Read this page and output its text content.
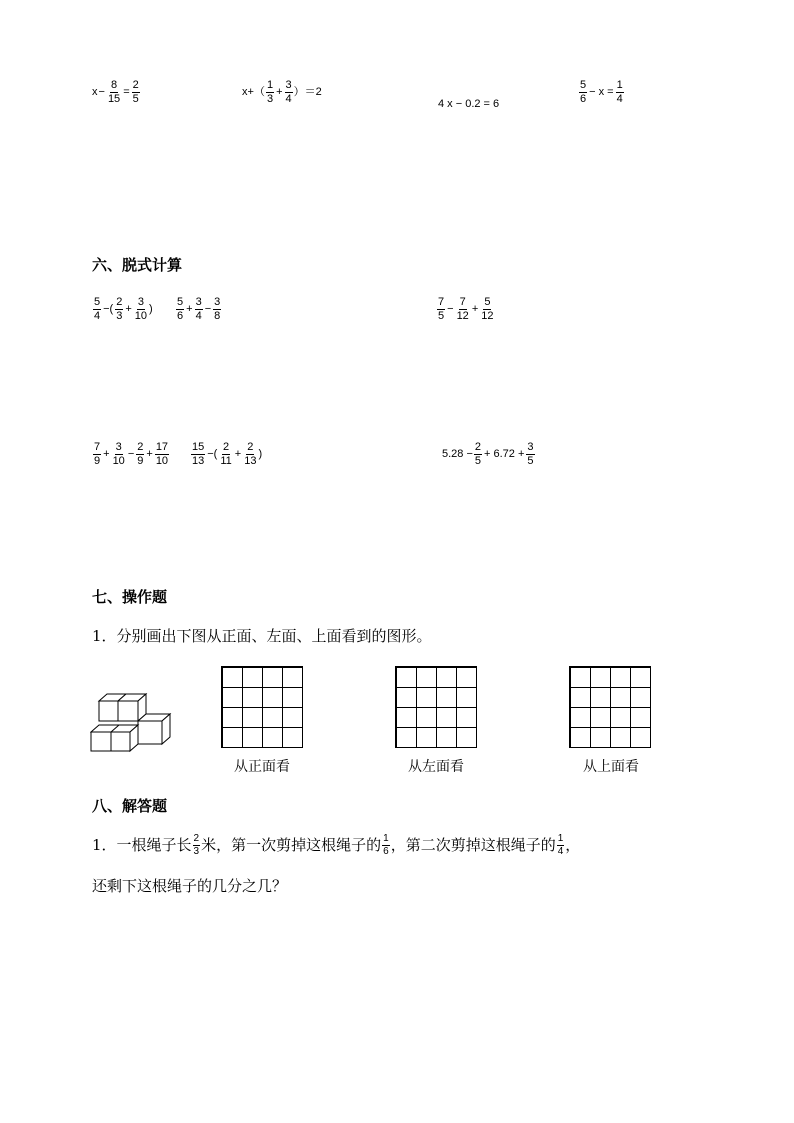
$x - \frac{8}{15} = \frac{2}{5}$	x+ （ $\frac{1}{3} + \frac{3}{4}$ ） ＝2
4 x − 0.2 = 6	$\frac{5}{6} - x = \frac{1}{4}$
六、脱式计算
$\frac{5}{4}$ −( $\frac{2}{3} + \frac{3}{10}$ ) $\frac{5}{6} + \frac{3}{4} - \frac{3}{8}$	$\frac{7}{5} - \frac{7}{12} + \frac{5}{12}$
$\frac{7}{9} + \frac{3}{10} - \frac{2}{9} + \frac{17}{10} \frac{15}{13}$ −( $\frac{2}{11} + \frac{2}{13}$ )	$5.28 - \frac{2}{5} + 6.72 + \frac{3}{5}$
七、操作题
1．分别画出下图从正面、左面、上面看到的图形。
从正面看	从左面看	从上面看
八、解答题
1．一根绳子长 $\frac{2}{3}$ 米，第一次剪掉这根绳子的 $\frac{1}{6}$ ，第二次剪掉这根绳子的 $\frac{1}{4}$ ，
还剩下这根绳子的几分之几？
